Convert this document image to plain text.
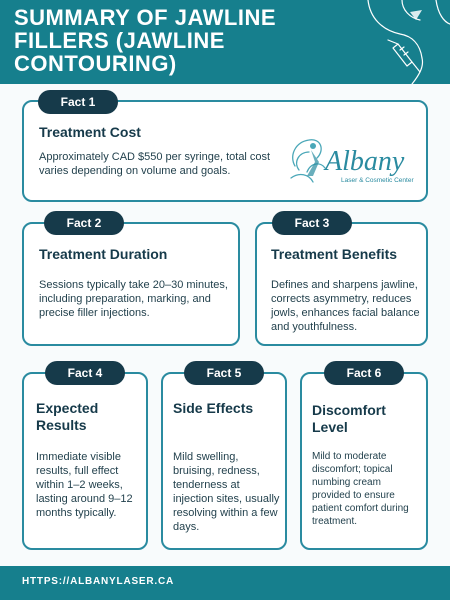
SUMMARY OF JAWLINE FILLERS (JAWLINE CONTOURING)
Fact 1
Treatment Cost
Approximately CAD $550 per syringe, total cost varies depending on volume and goals.	Albany
Laser & Cosmetic Center
Fact 2
Treatment Duration
Sessions typically take 20–30 minutes, including preparation, marking, and precise filler injections.
Fact 3
Treatment Benefits
Defines and sharpens jawline, corrects asymmetry, reduces jowls, enhances facial balance and youthfulness.
Fact 4
Expected Results
Immediate visible results, full effect within 1–2 weeks, lasting around 9–12 months typically.
Fact 5
Side Effects
Mild swelling, bruising, redness, tenderness at injection sites, usually resolving within a few days.
Fact 6
Discomfort Level
Mild to moderate discomfort; topical numbing cream provided to ensure patient comfort during treatment.
HTTPS://ALBANYLASER.CA
